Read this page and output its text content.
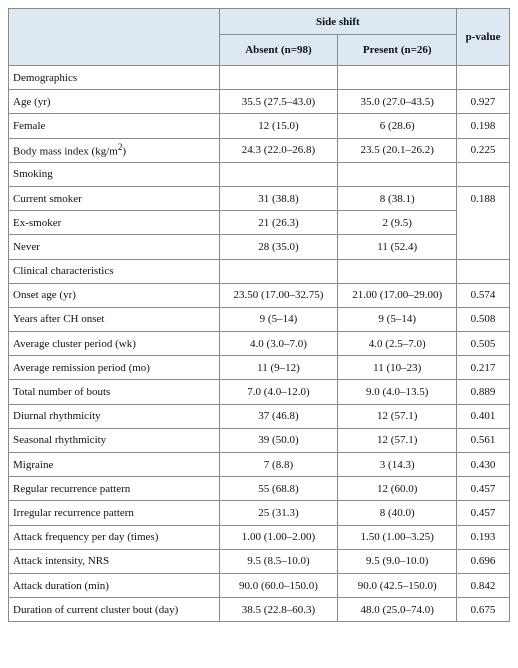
	Side shift		p-value
	Absent (n=98)	Present (n=26)	
Demographics			
Age (yr)	35.5 (27.5–43.0)	35.0 (27.0–43.5)	0.927
Female	12 (15.0)	6 (28.6)	0.198
Body mass index $(kg/m^2)$	24.3 (22.0–26.8)	23.5 (20.1–26.2)	0.225
Smoking			
Current smoker	31 (38.8)	8 (38.1)	0.188
Ex-smoker	21 (26.3)	2 (9.5)	
Never	28 (35.0)	11 (52.4)	
Clinical characteristics			
Onset age (yr)	23.50 (17.00–32.75)	21.00 (17.00–29.00)	0.574
Years after CH onset	9 (5–14)	9 (5–14)	0.508
Average cluster period (wk)	4.0 (3.0–7.0)	4.0 (2.5–7.0)	0.505
Average remission period (mo)	11 (9–12)	11 (10–23)	0.217
Total number of bouts	7.0 (4.0–12.0)	9.0 (4.0–13.5)	0.889
Diurnal rhythmicity	37 (46.8)	12 (57.1)	0.401
Seasonal rhythmicity	39 (50.0)	12 (57.1)	0.561
Migraine	7 (8.8)	3 (14.3)	0.430
Regular recurrence pattern	55 (68.8)	12 (60.0)	0.457
Irregular recurrence pattern	25 (31.3)	8 (40.0)	0.457
Attack frequency per day (times)	1.00 (1.00–2.00)	1.50 (1.00–3.25)	0.193
Attack intensity, NRS	9.5 (8.5–10.0)	9.5 (9.0–10.0)	0.696
Attack duration (min)	90.0 (60.0–150.0)	90.0 (42.5–150.0)	0.842
Duration of current cluster bout (day)	38.5 (22.8–60.3)	48.0 (25.0–74.0)	0.675
